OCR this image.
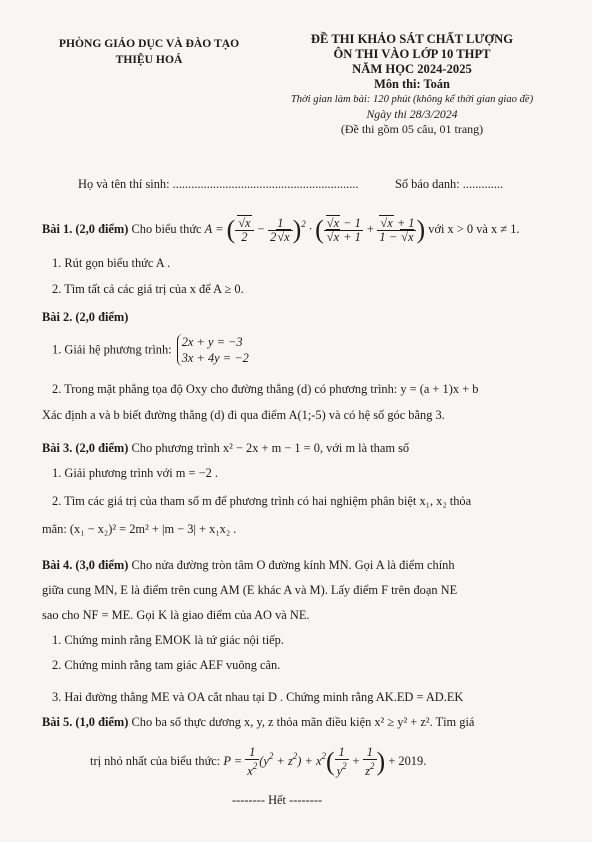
PHÒNG GIÁO DỤC VÀ ĐÀO TẠO
THIỆU HOÁ
ĐỀ THI KHẢO SÁT CHẤT LƯỢNG
ÔN THI VÀO LỚP 10 THPT
NĂM HỌC 2024-2025
Môn thi: Toán
Thời gian làm bài: 120 phút (không kể thời gian giao đề)
Ngày thi 28/3/2024
(Đề thi gồm 05 câu, 01 trang)
Họ và tên thí sinh: ............................................................	Số báo danh: .............
Bài 1. (2,0 điểm) Cho biểu thức A = ( $\frac{√x}{2} - \frac{1}{2√x} )^2$ · ( $\frac{√x - 1}{√x + 1} + \frac{√x + 1}{1 - √x}$ ) với x > 0 và x ≠ 1.
1. Rút gọn biểu thức A .
2. Tìm tất cả các giá trị của x để A ≥ 0.
Bài 2. (2,0 điểm)
1. Giải hệ phương trình:
2x + y = −3
3x + 4y = −2
2. Trong mặt phẳng tọa độ Oxy cho đường thẳng (d) có phương trình: y = (a + 1)x + b
Xác định a và b biết đường thẳng (d) đi qua điểm A(1;-5) và có hệ số góc bằng 3.
Bài 3. (2,0 điểm) Cho phương trình x² − 2x + m − 1 = 0, với m là tham số
1. Giải phương trình với m = −2 .
2. Tìm các giá trị của tham số m để phương trình có hai nghiệm phân biệt x₁, x₂ thỏa
mãn: (x₁ − x₂)² = 2m² + |m − 3| + x₁x₂ .
Bài 4. (3,0 điểm) Cho nửa đường tròn tâm O đường kính MN. Gọi A là điểm chính
giữa cung MN, E là điểm trên cung AM (E khác A và M). Lấy điểm F trên đoạn NE
sao cho NF = ME. Gọi K là giao điểm của AO và NE.
1. Chứng minh rằng EMOK là tứ giác nội tiếp.
2. Chứng minh rằng tam giác AEF vuông cân.
3. Hai đường thẳng ME và OA cắt nhau tại D . Chứng minh rằng AK.ED = AD.EK
Bài 5. (1,0 điểm) Cho ba số thực dương x, y, z thỏa mãn điều kiện x² ≥ y² + z². Tìm giá
trị nhỏ nhất của biểu thức: $P = \frac{1}{x^2} (y^2 + z^2) + x^2( \frac{1}{y^2} + \frac{1}{z^2}$ ) + 2019.
-------- Hết --------
